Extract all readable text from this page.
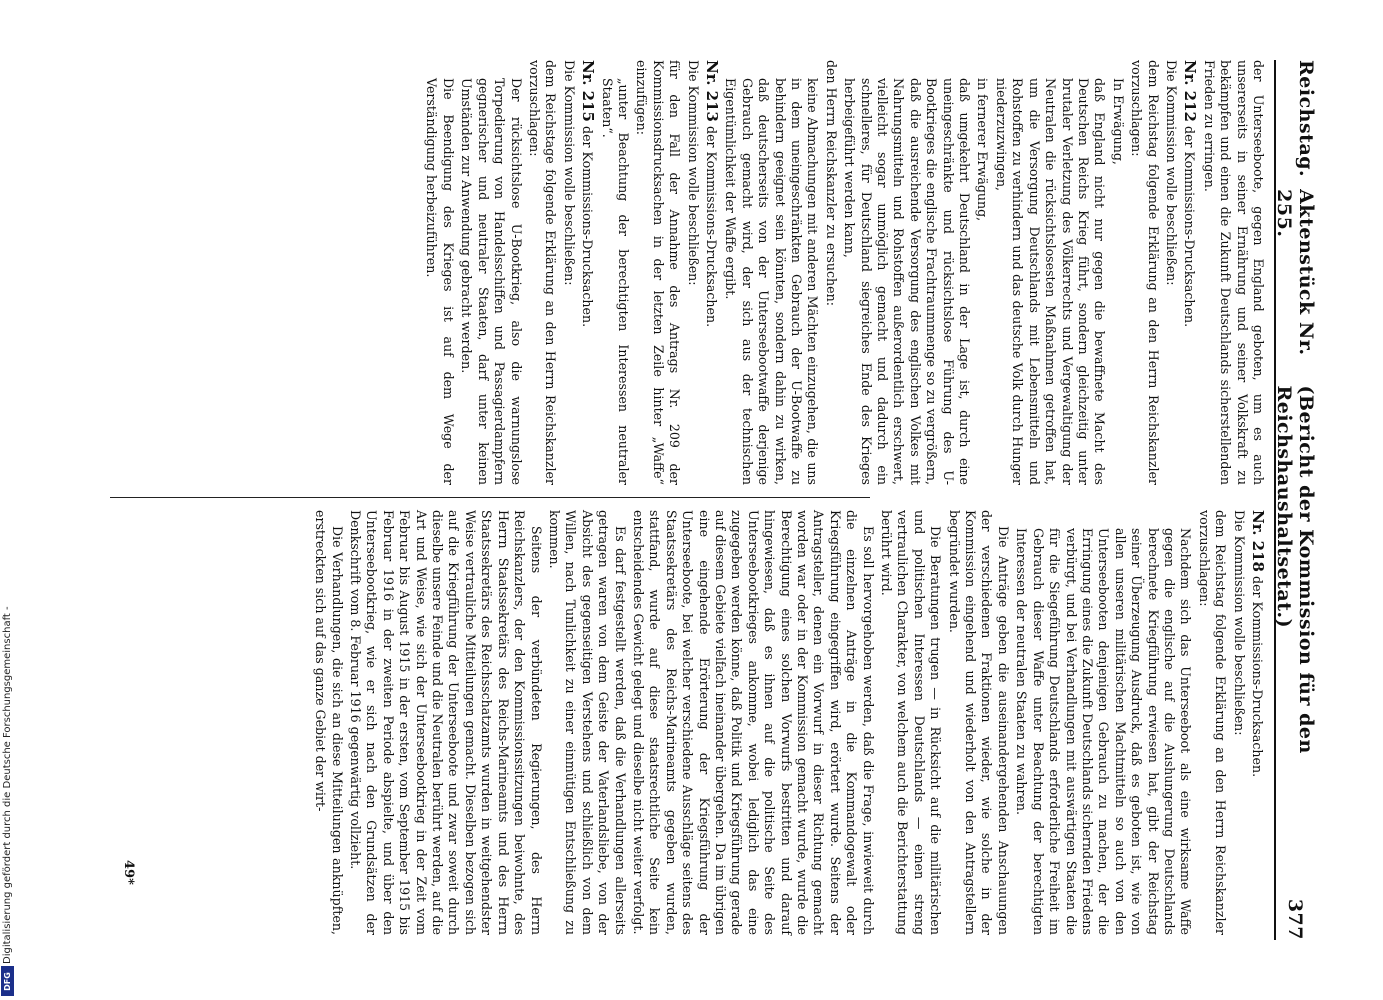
Digitalisierung gefördert durch die Deutsche Forschungsgemeinschaft -
DFG
Reichstag.
Aktenstück Nr. 255.
(Bericht der Kommission für den Reichshaushaltsetat.)
377

der Unterseeboote, gegen England geboten, um es auch unsererseits in seiner Ernährung und seiner Volkskraft zu bekämpfen und einen die Zukunft Deutschlands sicherstellenden Frieden zu erringen.

Nr. 212 der Kommissions-Drucksachen.

Die Kommission wolle beschließen:

dem Reichstag folgende Erklärung an den Herrn Reichskanzler vorzuschlagen:

In Erwägung,

daß England nicht nur gegen die bewaffnete Macht des Deutschen Reichs Krieg führt, sondern gleichzeitig unter brutaler Verletzung des Völkerrechts und Vergewaltigung der Neutralen die rücksichtslosesten Maßnahmen getroffen hat, um die Versorgung Deutschlands mit Lebensmitteln und Rohstoffen zu verhindern und das deutsche Volk durch Hunger niederzuzwingen,

in fernerer Erwägung,

daß umgekehrt Deutschland in der Lage ist, durch eine uneingeschränkte und rücksichtslose Führung des U-Bootkrieges die englische Frachtraummenge so zu vergrößern, daß die ausreichende Versorgung des englischen Volkes mit Nahrungsmitteln und Rohstoffen außerordentlich erschwert, vielleicht sogar unmöglich gemacht und dadurch ein schnelleres, für Deutschland siegreiches Ende des Krieges herbeigeführt werden kann,

den Herrn Reichskanzler zu ersuchen:

keine Abmachungen mit anderen Mächten einzugehen, die uns in dem uneingeschränkten Gebrauch der U-Bootwaffe zu behindern geeignet sein könnten, sondern dahin zu wirken, daß deutscherseits von der Unterseebootwaffe derjenige Gebrauch gemacht wird, der sich aus der technischen Eigentümlichkeit der Waffe ergibt.

Nr. 213 der Kommissions-Drucksachen.

Die Kommission wolle beschließen:

für den Fall der Annahme des Antrags Nr. 209 der Kommissionsdrucksachen in der letzten Zeile hinter „Waffe“ einzufügen:

„unter Beachtung der berechtigten Interessen neutraler Staaten“.

Nr. 215 der Kommissions-Drucksachen.

Die Kommission wolle beschließen:

dem Reichstage folgende Erklärung an den Herrn Reichskanzler vorzuschlagen:

Der rücksichtslose U-Bootkrieg, also die warnungslose Torpedierung von Handelsschiffen und Passagierdampfern gegnerischer und neutraler Staaten, darf unter keinen Umständen zur Anwendung gebracht werden.

Die Beendigung des Krieges ist auf dem Wege der Verständigung herbeizuführen.

Nr. 218 der Kommissions-Drucksachen.

Die Kommission wolle beschließen:

dem Reichstag folgende Erklärung an den Herrn Reichskanzler vorzuschlagen:

Nachdem sich das Unterseeboot als eine wirksame Waffe gegen die englische auf die Aushungerung Deutschlands berechnete Kriegführung erwiesen hat, gibt der Reichstag seiner Überzeugung Ausdruck, daß es geboten ist, wie von allen unseren militärischen Machtmitteln so auch von den Unterseebooten denjenigen Gebrauch zu machen, der die Erringung eines die Zukunft Deutschlands sichernden Friedens verbürgt, und bei Verhandlungen mit auswärtigen Staaten die für die Siegeführung Deutschlands erforderliche Freiheit im Gebrauch dieser Waffe unter Beachtung der berechtigten Interessen der neutralen Staaten zu wahren.

Die Anträge geben die auseinandergehenden Anschauungen der verschiedenen Fraktionen wieder, wie solche in der Kommission eingehend und wiederholt von den Antragstellern begründet wurden.

Die Beratungen trugen — in Rücksicht auf die militärischen und politischen Interessen Deutschlands — einen streng vertraulichen Charakter, von welchem auch die Berichterstattung berührt wird.

Es soll hervorgehoben werden, daß die Frage, inwieweit durch die einzelnen Anträge in die Kommandogewalt oder Kriegsführung eingegriffen wird, erörtert wurde. Seitens der Antragsteller, denen ein Vorwurf in dieser Richtung gemacht worden war oder in der Kommission gemacht wurde, wurde die Berechtigung eines solchen Vorwurfs bestritten und darauf hingewiesen, daß es ihnen auf die politische Seite des Unterseebootkrieges ankomme, wobei lediglich das eine zugegeben werden könne, daß Politik und Kriegsführung gerade auf diesem Gebiete vielfach ineinander übergehen. Da im übrigen eine eingehende Erörterung der Kriegsführung der Unterseeboote, bei welcher verschiedene Ausschläge seitens des Staatssekretärs des Reichs-Marineamts gegeben wurden, stattfand, wurde auf diese staatsrechtliche Seite kein entscheidendes Gewicht gelegt und dieselbe nicht weiter verfolgt.

Es darf festgestellt werden, daß die Verhandlungen allerseits getragen waren von dem Geiste der Vaterlandsliebe, von der Absicht des gegenseitigen Verstehens und schließlich von dem Willen, nach Tunlichkeit zu einer einmütigen Entschließung zu kommen.

Seitens der verbündeten Regierungen, des Herrn Reichskanzlers, der den Kommissionssitzungen beiwohnte, des Herrn Staatssekretärs des Reichs-Marineamts und des Herrn Staatssekretärs des Reichsschatzamts wurden in weitgehendster Weise vertrauliche Mitteilungen gemacht. Dieselben bezogen sich auf die Kriegführung der Unterseeboote und zwar soweit durch dieselbe unsere Feinde und die Neutralen berührt werden, auf die Art und Weise, wie sich der Unterseebootkrieg in der Zeit vom Februar bis August 1915 in der ersten, vom September 1915 bis Februar 1916 in der zweiten Periode abspielte, und über den Unterseebootkrieg, wie er sich nach den Grundsätzen der Denkschrift vom 8. Februar 1916 gegenwärtig vollzieht.

Die Verhandlungen, die sich an diese Mitteilungen anknüpften, erstreckten sich auf das ganze Gebiet der wirt-

49*
